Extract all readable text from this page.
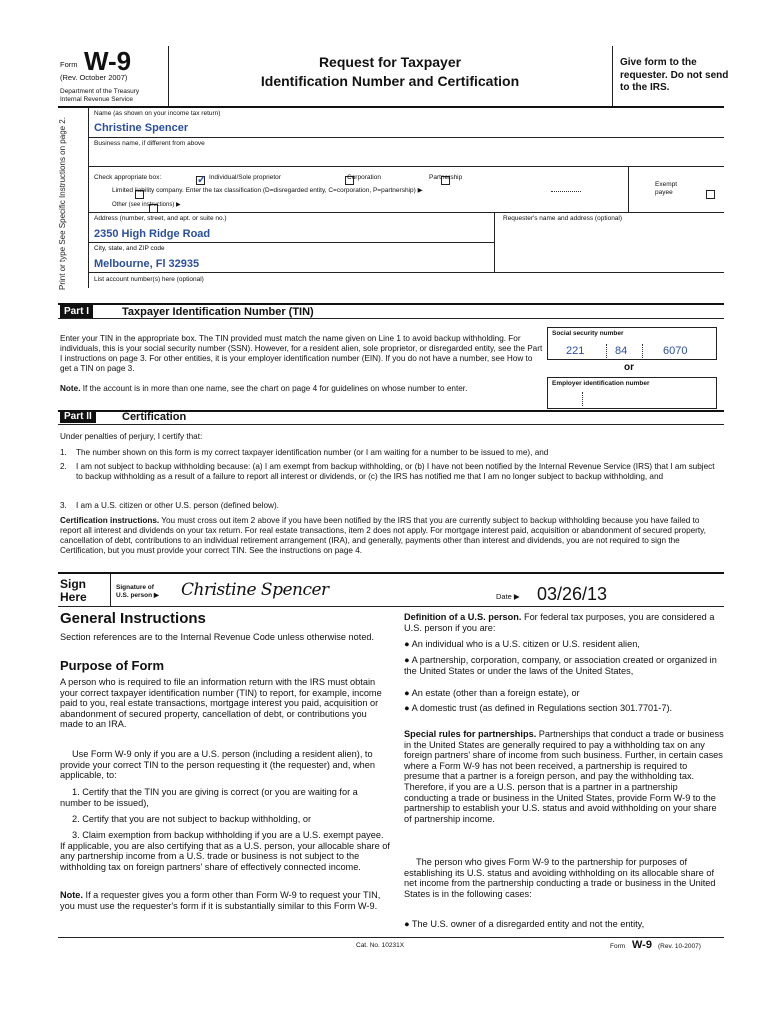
Form W-9
(Rev. October 2007)
Department of the Treasury
Internal Revenue Service
Request for Taxpayer
Identification Number and Certification
Give form to the requester. Do not send to the IRS.
Print or type See Specific Instructions on page 2.
Name (as shown on your income tax return)
Christine Spencer
Business name, if different from above
Check appropriate box:
✓	Individual/Sole proprietor
	Corporation
	Partnership

Limited liability company. Enter the tax classification (D=disregarded entity, C=corporation, P=partnership) ▶

Other (see instructions) ▶
Exempt payee
Address (number, street, and apt. or suite no.)
2350 High Ridge Road
Requester's name and address (optional)
City, state, and ZIP code
Melbourne, Fl 32935
List account number(s) here (optional)
Part I	Taxpayer Identification Number (TIN)
Enter your TIN in the appropriate box. The TIN provided must match the name given on Line 1 to avoid backup withholding. For individuals, this is your social security number (SSN). However, for a resident alien, sole proprietor, or disregarded entity, see the Part I instructions on page 3. For other entities, it is your employer identification number (EIN). If you do not have a number, see How to get a TIN on page 3.
Note. If the account is in more than one name, see the chart on page 4 for guidelines on whose number to enter.
Social security number
221	84	6070
or
Employer identification number
Part II	Certification
Under penalties of perjury, I certify that:
1. The number shown on this form is my correct taxpayer identification number (or I am waiting for a number to be issued to me), and
2. I am not subject to backup withholding because: (a) I am exempt from backup withholding, or (b) I have not been notified by the Internal Revenue Service (IRS) that I am subject to backup withholding as a result of a failure to report all interest or dividends, or (c) the IRS has notified me that I am no longer subject to backup withholding, and
3. I am a U.S. citizen or other U.S. person (defined below).
Certification instructions. You must cross out item 2 above if you have been notified by the IRS that you are currently subject to backup withholding because you have failed to report all interest and dividends on your tax return. For real estate transactions, item 2 does not apply. For mortgage interest paid, acquisition or abandonment of secured property, cancellation of debt, contributions to an individual retirement arrangement (IRA), and generally, payments other than interest and dividends, you are not required to sign the Certification, but you must provide your correct TIN. See the instructions on page 4.
Sign
Here
Signature of
U.S. person ▶ Christine Spencer	Date ▶ 03/26/13
General Instructions
Section references are to the Internal Revenue Code unless otherwise noted.
Purpose of Form
A person who is required to file an information return with the IRS must obtain your correct taxpayer identification number (TIN) to report, for example, income paid to you, real estate transactions, mortgage interest you paid, acquisition or abandonment of secured property, cancellation of debt, or contributions you made to an IRA.
Use Form W-9 only if you are a U.S. person (including a resident alien), to provide your correct TIN to the person requesting it (the requester) and, when applicable, to:
1. Certify that the TIN you are giving is correct (or you are waiting for a number to be issued),
2. Certify that you are not subject to backup withholding, or
3. Claim exemption from backup withholding if you are a U.S. exempt payee. If applicable, you are also certifying that as a U.S. person, your allocable share of any partnership income from a U.S. trade or business is not subject to the withholding tax on foreign partners' share of effectively connected income.
Note. If a requester gives you a form other than Form W-9 to request your TIN, you must use the requester's form if it is substantially similar to this Form W-9.
Definition of a U.S. person. For federal tax purposes, you are considered a U.S. person if you are:
● An individual who is a U.S. citizen or U.S. resident alien,
● A partnership, corporation, company, or association created or organized in the United States or under the laws of the United States,
● An estate (other than a foreign estate), or
● A domestic trust (as defined in Regulations section 301.7701-7).
Special rules for partnerships. Partnerships that conduct a trade or business in the United States are generally required to pay a withholding tax on any foreign partners' share of income from such business. Further, in certain cases where a Form W-9 has not been received, a partnership is required to presume that a partner is a foreign person, and pay the withholding tax. Therefore, if you are a U.S. person that is a partner in a partnership conducting a trade or business in the United States, provide Form W-9 to the partnership to establish your U.S. status and avoid withholding on your share of partnership income.
The person who gives Form W-9 to the partnership for purposes of establishing its U.S. status and avoiding withholding on its allocable share of net income from the partnership conducting a trade or business in the United States is in the following cases:
● The U.S. owner of a disregarded entity and not the entity,
Cat. No. 10231X	Form W-9 (Rev. 10-2007)
